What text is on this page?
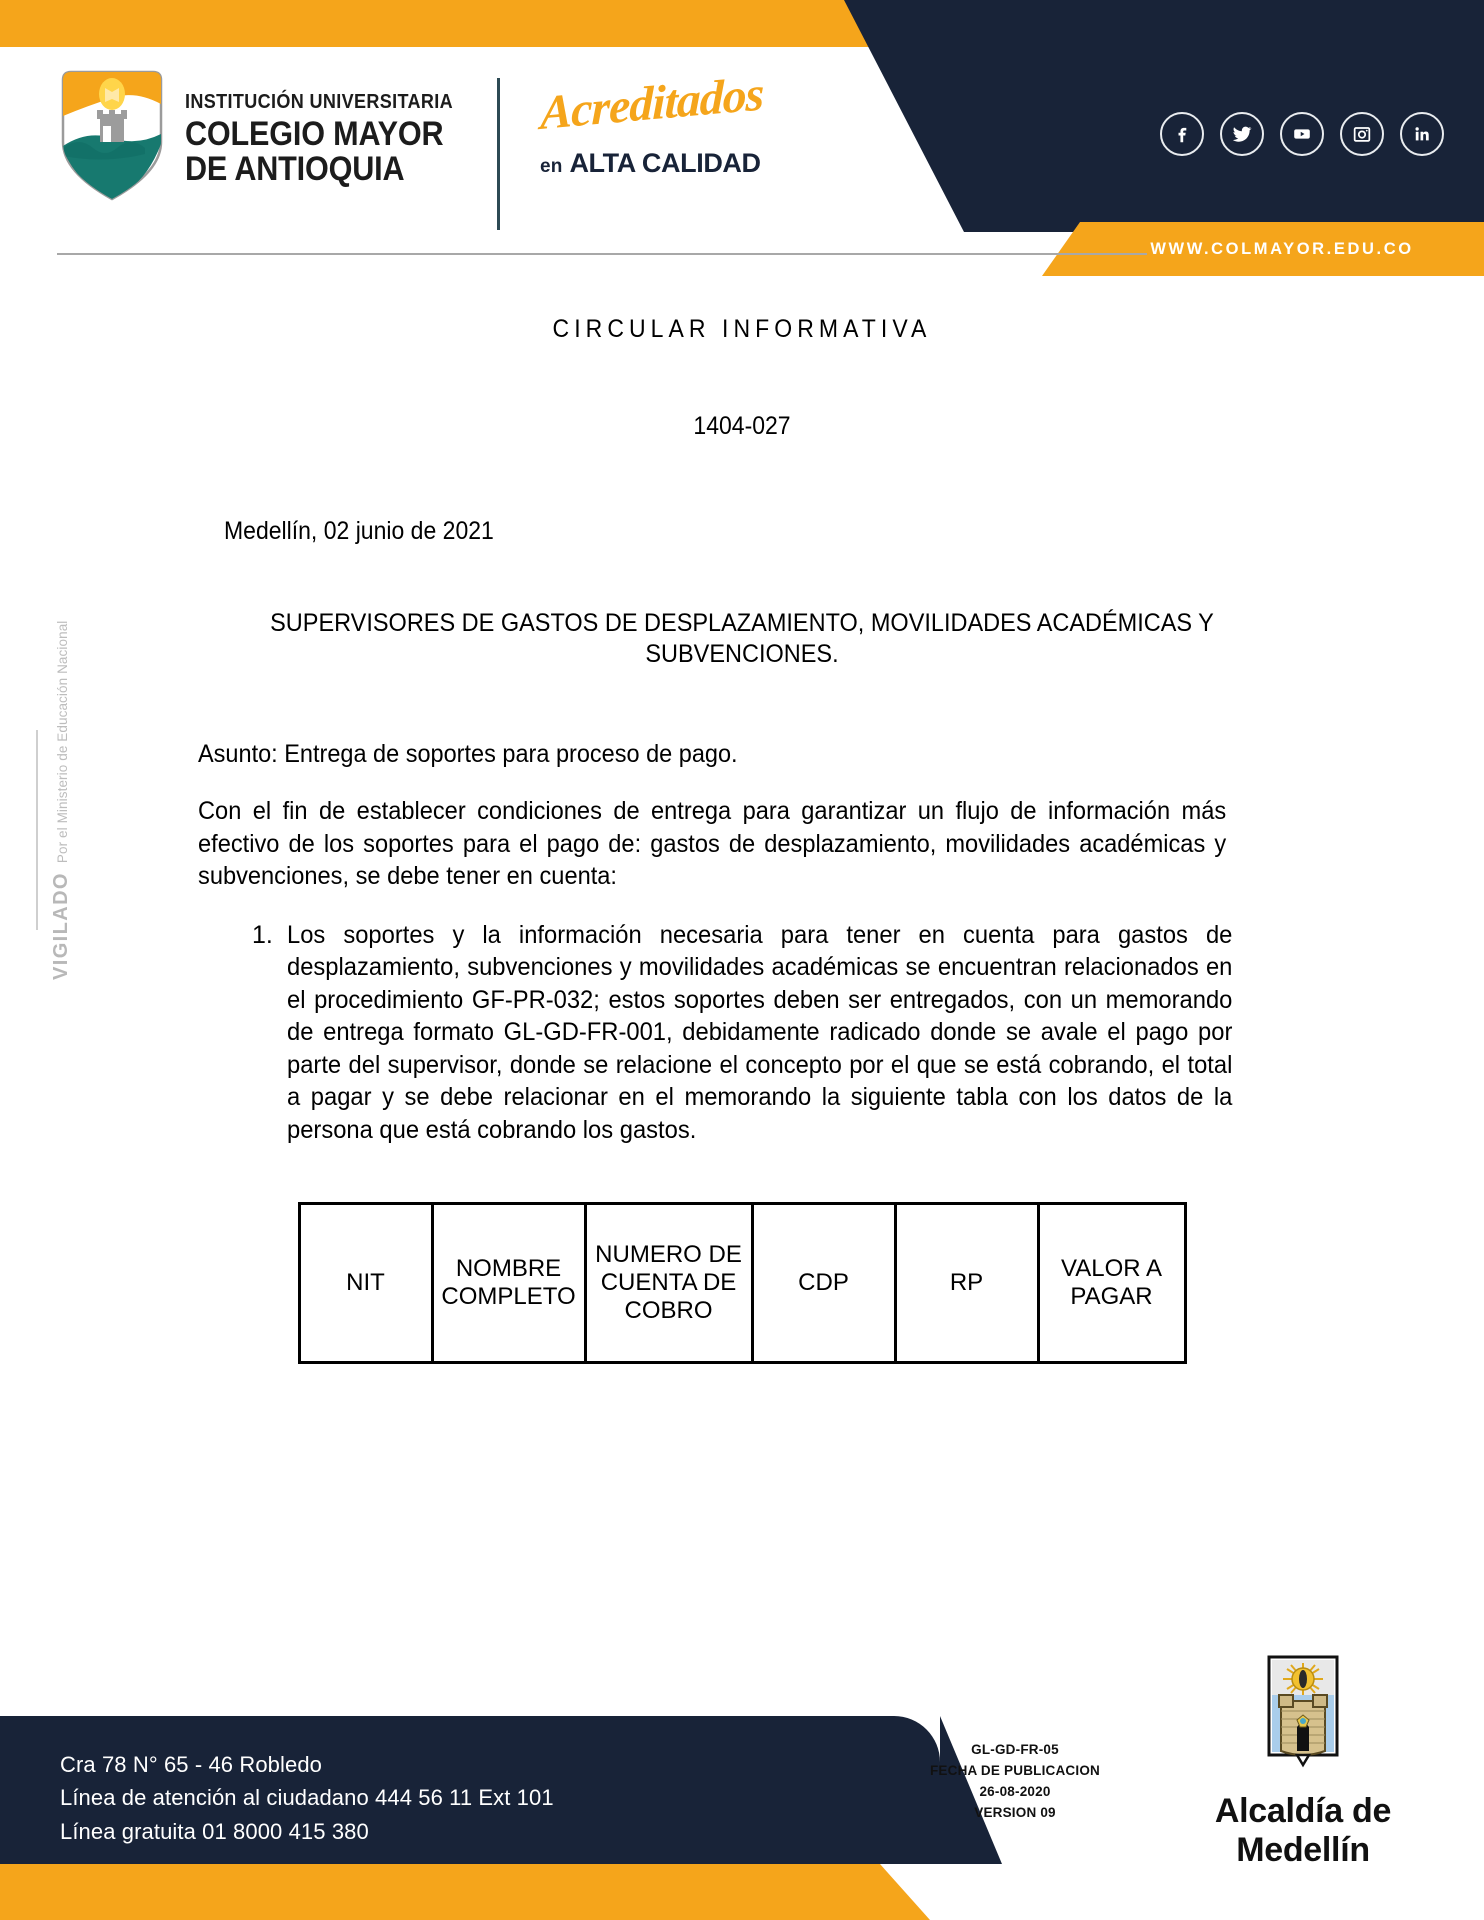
INSTITUCIÓN UNIVERSITARIA
COLEGIO MAYOR
DE ANTIOQUIA
Acreditados
en ALTA CALIDAD
WWW.COLMAYOR.EDU.CO
VIGILADO
Por el Ministerio de Educación Nacional
CIRCULAR INFORMATIVA
1404-027
Medellín, 02 junio de 2021
SUPERVISORES DE GASTOS DE DESPLAZAMIENTO, MOVILIDADES ACADÉMICAS Y SUBVENCIONES.
Asunto: Entrega de soportes para proceso de pago.
Con el fin de establecer condiciones de entrega para garantizar un flujo de información más efectivo de los soportes para el pago de: gastos de desplazamiento, movilidades académicas y subvenciones, se debe tener en cuenta:
1. Los soportes y la información necesaria para tener en cuenta para gastos de desplazamiento, subvenciones y movilidades académicas se encuentran relacionados en el procedimiento GF-PR-032; estos soportes deben ser entregados, con un memorando de entrega formato GL-GD-FR-001, debidamente radicado donde se avale el pago por parte del supervisor, donde se relacione el concepto por el que se está cobrando, el total a pagar y se debe relacionar en el memorando la siguiente tabla con los datos de la persona que está cobrando los gastos.
NIT	NOMBRE COMPLETO	NUMERO DE CUENTA DE COBRO	CDP	RP	VALOR A PAGAR
Cra 78 N° 65 - 46 Robledo
Línea de atención al ciudadano 444 56 11 Ext 101
Línea gratuita 01 8000 415 380
GL-GD-FR-05
FECHA DE PUBLICACION
26-08-2020
VERSION 09	Alcaldía de Medellín
